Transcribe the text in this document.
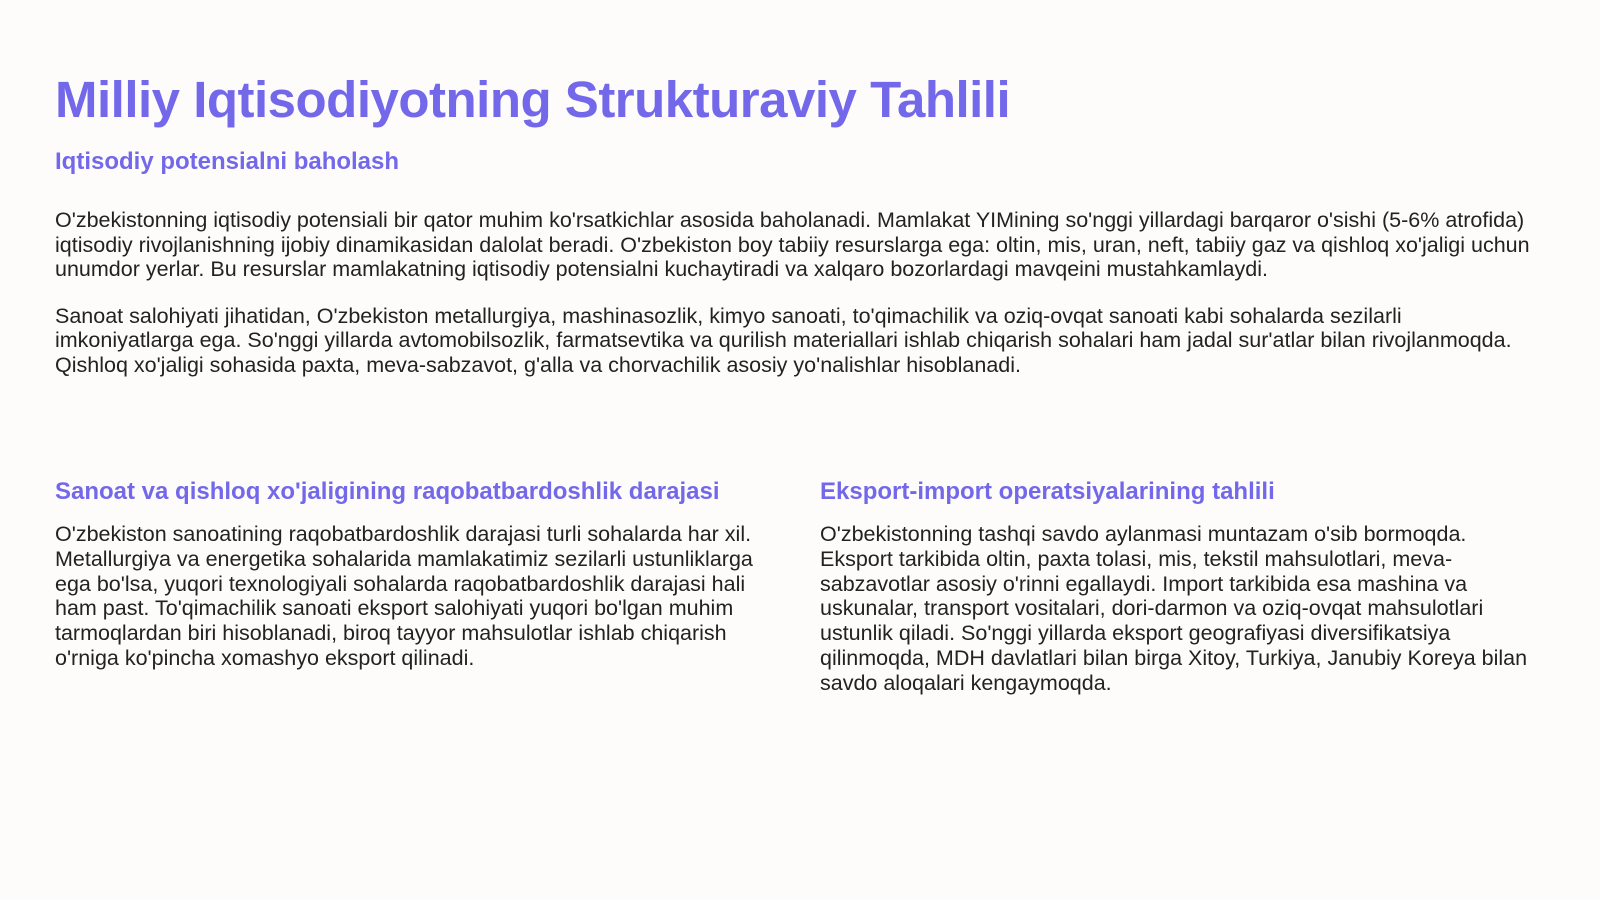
Milliy Iqtisodiyotning Strukturaviy Tahlili
Iqtisodiy potensialni baholash

O'zbekistonning iqtisodiy potensiali bir qator muhim ko'rsatkichlar asosida baholanadi. Mamlakat YIMining so'nggi yillardagi barqaror o'sishi (5-6% atrofida) iqtisodiy rivojlanishning ijobiy dinamikasidan dalolat beradi. O'zbekiston boy tabiiy resurslarga ega: oltin, mis, uran, neft, tabiiy gaz va qishloq xo'jaligi uchun unumdor yerlar. Bu resurslar mamlakatning iqtisodiy potensialni kuchaytiradi va xalqaro bozorlardagi mavqeini mustahkamlaydi.

Sanoat salohiyati jihatidan, O'zbekiston metallurgiya, mashinasozlik, kimyo sanoati, to'qimachilik va oziq-ovqat sanoati kabi sohalarda sezilarli imkoniyatlarga ega. So'nggi yillarda avtomobilsozlik, farmatsevtika va qurilish materiallari ishlab chiqarish sohalari ham jadal sur'atlar bilan rivojlanmoqda. Qishloq xo'jaligi sohasida paxta, meva-sabzavot, g'alla va chorvachilik asosiy yo'nalishlar hisoblanadi.

Sanoat va qishloq xo'jaligining raqobatbardoshlik darajasi

O'zbekiston sanoatining raqobatbardoshlik darajasi turli sohalarda har xil. Metallurgiya va energetika sohalarida mamlakatimiz sezilarli ustunliklarga ega bo'lsa, yuqori texnologiyali sohalarda raqobatbardoshlik darajasi hali ham past. To'qimachilik sanoati eksport salohiyati yuqori bo'lgan muhim tarmoqlardan biri hisoblanadi, biroq tayyor mahsulotlar ishlab chiqarish o'rniga ko'pincha xomashyo eksport qilinadi.

Eksport-import operatsiyalarining tahlili

O'zbekistonning tashqi savdo aylanmasi muntazam o'sib bormoqda. Eksport tarkibida oltin, paxta tolasi, mis, tekstil mahsulotlari, meva-sabzavotlar asosiy o'rinni egallaydi. Import tarkibida esa mashina va uskunalar, transport vositalari, dori-darmon va oziq-ovqat mahsulotlari ustunlik qiladi. So'nggi yillarda eksport geografiyasi diversifikatsiya qilinmoqda, MDH davlatlari bilan birga Xitoy, Turkiya, Janubiy Koreya bilan savdo aloqalari kengaymoqda.
